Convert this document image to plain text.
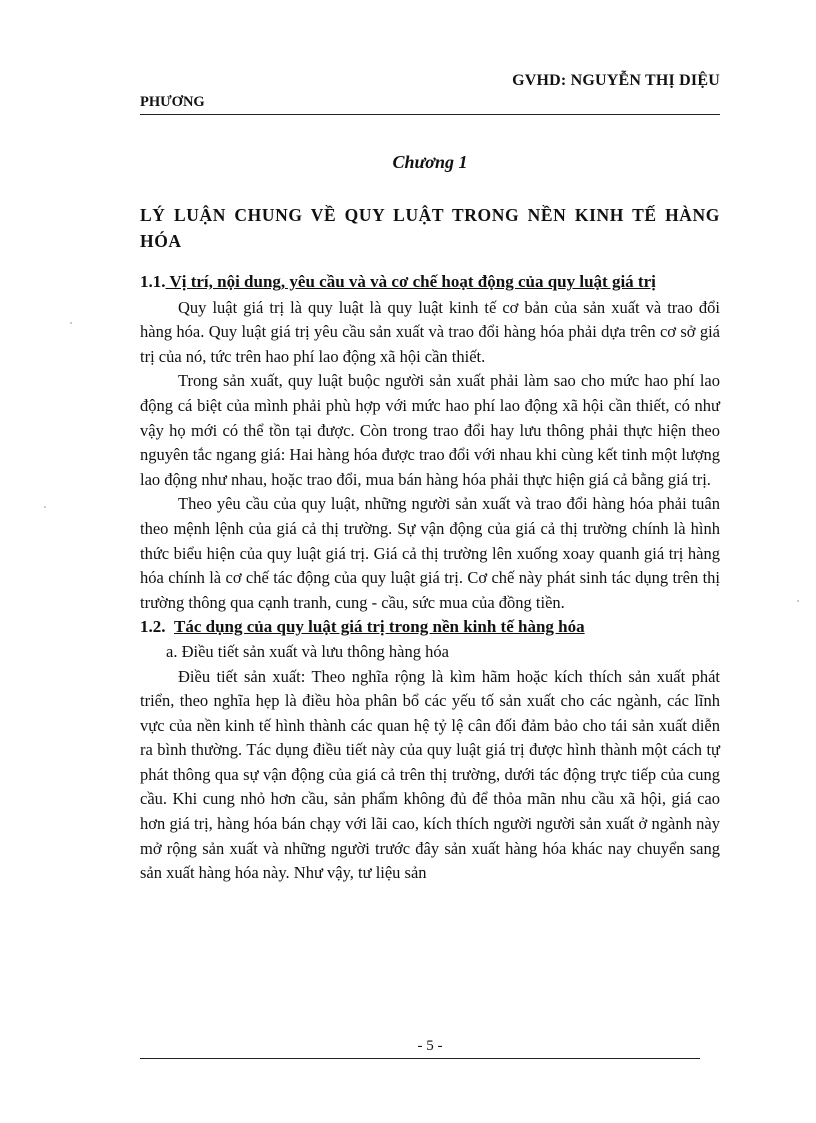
GVHD: NGUYỄN THỊ DIỆU
PHƯƠNG
Chương 1
LÝ LUẬN CHUNG VỀ QUY LUẬT TRONG NỀN KINH TẾ HÀNG HÓA
1.1. Vị trí, nội dung, yêu cầu và và cơ chế hoạt động của quy luật giá trị

Quy luật giá trị là quy luật là quy luật kinh tế cơ bản của sản xuất và trao đổi hàng hóa. Quy luật giá trị yêu cầu sản xuất và trao đổi hàng hóa phải dựa trên cơ sở giá trị của nó, tức trên hao phí lao động xã hội cần thiết.

Trong sản xuất, quy luật buộc người sản xuất phải làm sao cho mức hao phí lao động cá biệt của mình phải phù hợp với mức hao phí lao động xã hội cần thiết, có như vậy họ mới có thể tồn tại được. Còn trong trao đổi hay lưu thông phải thực hiện theo nguyên tắc ngang giá: Hai hàng hóa được trao đổi với nhau khi cùng kết tinh một lượng lao động như nhau, hoặc trao đổi, mua bán hàng hóa phải thực hiện giá cả bằng giá trị.

Theo yêu cầu của quy luật, những người sản xuất và trao đổi hàng hóa phải tuân theo mệnh lệnh của giá cả thị trường. Sự vận động của giá cả thị trường chính là hình thức biểu hiện của quy luật giá trị. Giá cả thị trường lên xuống xoay quanh giá trị hàng hóa chính là cơ chế tác động của quy luật giá trị. Cơ chế này phát sinh tác dụng trên thị trường thông qua cạnh tranh, cung - cầu, sức mua của đồng tiền.

1.2. Tác dụng của quy luật giá trị trong nền kinh tế hàng hóa
a. Điều tiết sản xuất và lưu thông hàng hóa

Điều tiết sản xuất: Theo nghĩa rộng là kìm hãm hoặc kích thích sản xuất phát triển, theo nghĩa hẹp là điều hòa phân bổ các yếu tố sản xuất cho các ngành, các lĩnh vực của nền kinh tế hình thành các quan hệ tỷ lệ cân đối đảm bảo cho tái sản xuất diễn ra bình thường. Tác dụng điều tiết này của quy luật giá trị được hình thành một cách tự phát thông qua sự vận động của giá cả trên thị trường, dưới tác động trực tiếp của cung cầu. Khi cung nhỏ hơn cầu, sản phẩm không đủ để thỏa mãn nhu cầu xã hội, giá cao hơn giá trị, hàng hóa bán chạy với lãi cao, kích thích người người sản xuất ở ngành này mở rộng sản xuất và những người trước đây sản xuất hàng hóa khác nay chuyển sang sản xuất hàng hóa này. Như vậy, tư liệu sản

- 5 -
